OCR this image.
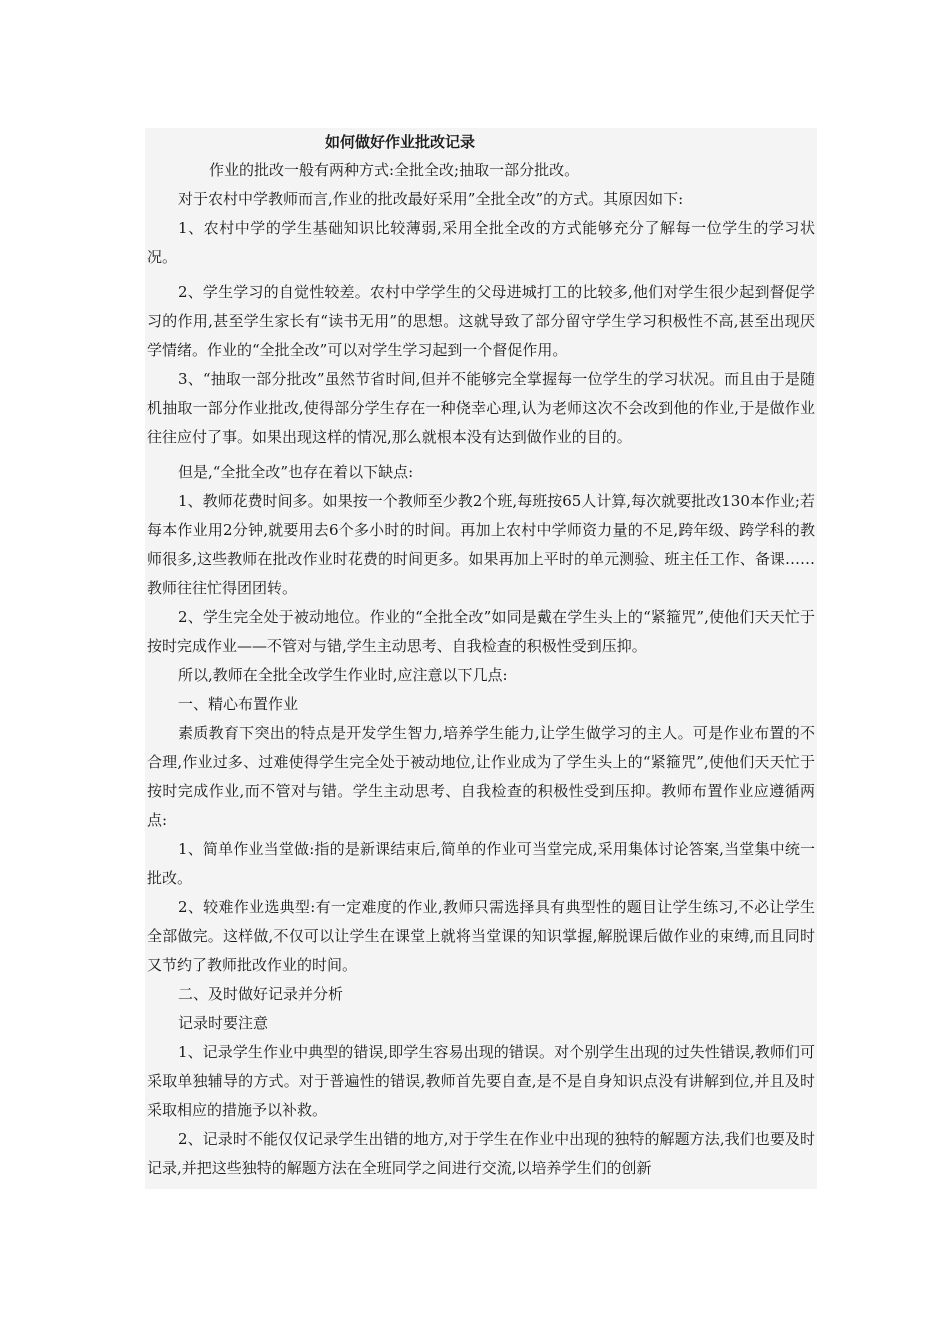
如何做好作业批改记录

作业的批改一般有两种方式:全批全改;抽取一部分批改。

对于农村中学教师而言,作业的批改最好采用”全批全改”的方式。其原因如下:

1、农村中学的学生基础知识比较薄弱,采用全批全改的方式能够充分了解每一位学生的学习状况。

2、学生学习的自觉性较差。农村中学学生的父母进城打工的比较多,他们对学生很少起到督促学习的作用,甚至学生家长有“读书无用”的思想。这就导致了部分留守学生学习积极性不高,甚至出现厌学情绪。作业的“全批全改”可以对学生学习起到一个督促作用。

3、“抽取一部分批改”虽然节省时间,但并不能够完全掌握每一位学生的学习状况。而且由于是随机抽取一部分作业批改,使得部分学生存在一种侥幸心理,认为老师这次不会改到他的作业,于是做作业往往应付了事。如果出现这样的情况,那么就根本没有达到做作业的目的。

但是,“全批全改”也存在着以下缺点:

1、教师花费时间多。如果按一个教师至少教2个班,每班按65人计算,每次就要批改130本作业;若每本作业用2分钟,就要用去6个多小时的时间。再加上农村中学师资力量的不足,跨年级、跨学科的教师很多,这些教师在批改作业时花费的时间更多。如果再加上平时的单元测验、班主任工作、备课……教师往往忙得团团转。

2、学生完全处于被动地位。作业的“全批全改”如同是戴在学生头上的“紧箍咒”,使他们天天忙于按时完成作业——不管对与错,学生主动思考、自我检查的积极性受到压抑。

所以,教师在全批全改学生作业时,应注意以下几点:

一、精心布置作业

素质教育下突出的特点是开发学生智力,培养学生能力,让学生做学习的主人。可是作业布置的不合理,作业过多、过难使得学生完全处于被动地位,让作业成为了学生头上的“紧箍咒”,使他们天天忙于按时完成作业,而不管对与错。学生主动思考、自我检查的积极性受到压抑。教师布置作业应遵循两点:

1、简单作业当堂做:指的是新课结束后,简单的作业可当堂完成,采用集体讨论答案,当堂集中统一批改。

2、较难作业选典型:有一定难度的作业,教师只需选择具有典型性的题目让学生练习,不必让学生全部做完。这样做,不仅可以让学生在课堂上就将当堂课的知识掌握,解脱课后做作业的束缚,而且同时又节约了教师批改作业的时间。

二、及时做好记录并分析

记录时要注意

1、记录学生作业中典型的错误,即学生容易出现的错误。对个别学生出现的过失性错误,教师们可采取单独辅导的方式。对于普遍性的错误,教师首先要自查,是不是自身知识点没有讲解到位,并且及时采取相应的措施予以补救。

2、记录时不能仅仅记录学生出错的地方,对于学生在作业中出现的独特的解题方法,我们也要及时记录,并把这些独特的解题方法在全班同学之间进行交流,以培养学生们的创新
